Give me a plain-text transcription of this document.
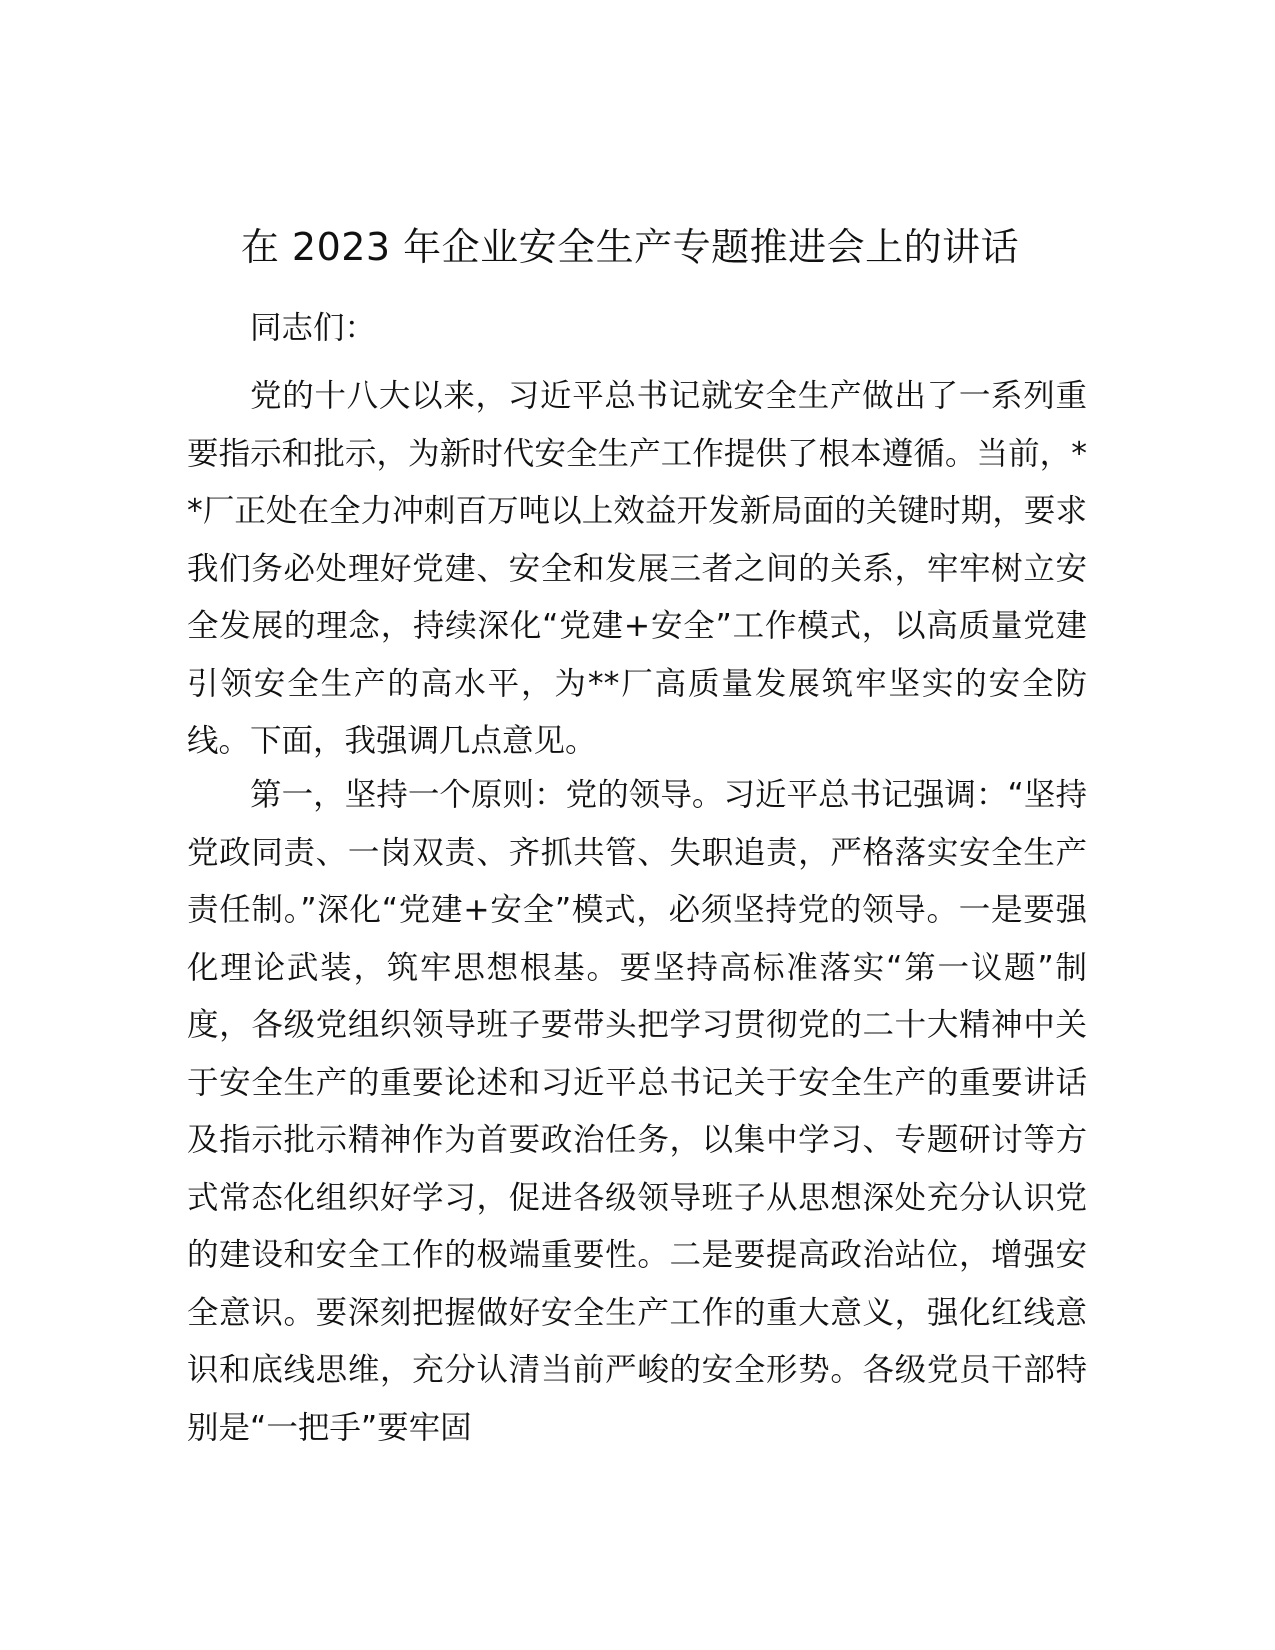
在 2023 年企业安全生产专题推进会上的讲话

同志们：

党的十八大以来，习近平总书记就安全生产做出了一系列重要指示和批示，为新时代安全生产工作提供了根本遵循。当前，**厂正处在全力冲刺百万吨以上效益开发新局面的关键时期，要求我们务必处理好党建、安全和发展三者之间的关系，牢牢树立安全发展的理念，持续深化“党建+安全”工作模式，以高质量党建引领安全生产的高水平，为**厂高质量发展筑牢坚实的安全防线。下面，我强调几点意见。

第一，坚持一个原则：党的领导。习近平总书记强调：“坚持党政同责、一岗双责、齐抓共管、失职追责，严格落实安全生产责任制。”深化“党建+安全”模式，必须坚持党的领导。一是要强化理论武装，筑牢思想根基。要坚持高标准落实“第一议题”制度，各级党组织领导班子要带头把学习贯彻党的二十大精神中关于安全生产的重要论述和习近平总书记关于安全生产的重要讲话及指示批示精神作为首要政治任务，以集中学习、专题研讨等方式常态化组织好学习，促进各级领导班子从思想深处充分认识党的建设和安全工作的极端重要性。二是要提高政治站位，增强安全意识。要深刻把握做好安全生产工作的重大意义，强化红线意识和底线思维，充分认清当前严峻的安全形势。各级党员干部特别是“一把手”要牢固
